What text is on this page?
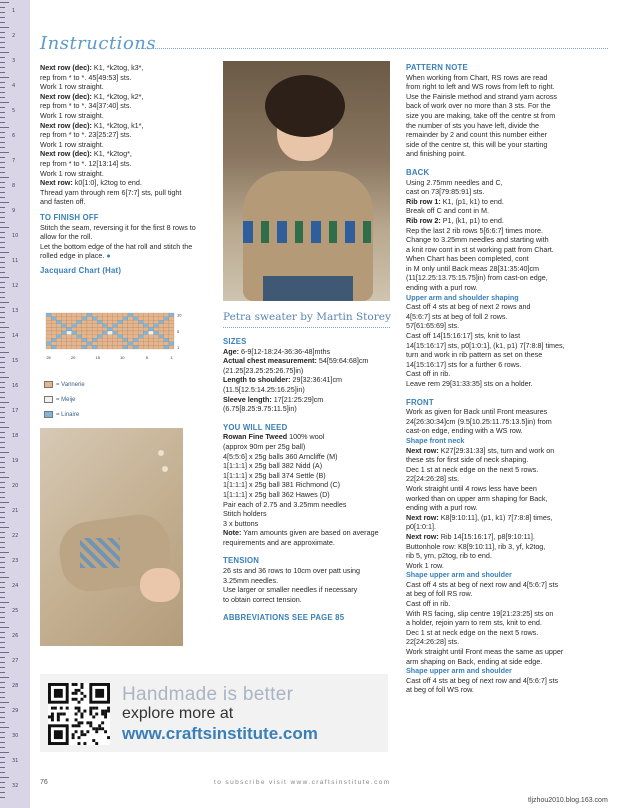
1
2
3
4
5
6
7
8
9
10
11
12
13
14
15
16
17
18
19
20
21
22
23
24
25
26
27
28
29
30
31
32
Instructions

Next row (dec): K1, *k2tog, k3*,

rep from * to *. 45[49:53] sts.

Work 1 row straight.

Next row (dec): K1, *k2tog, k2*,

rep from * to *. 34[37:40] sts.

Work 1 row straight.

Next row (dec): K1, *k2tog, k1*,

rep from * to *. 23[25:27] sts.

Work 1 row straight.

Next row (dec): K1, *k2tog*,

rep from * to *. 12[13:14] sts.

Work 1 row straight.

Next row: k0[1:0], k2tog to end.

Thread yarn through rem 6[7:7] sts, pull tight

and fasten off.

TO FINISH OFF

Stitch the seam, reversing it for the first 8 rows to

allow for the roll.

Let the bottom edge of the hat roll and stitch the

rolled edge in place. ●

Jacquard Chart (Hat)

25	20	15	10	5	1
10
5
1
= Vannerie
= Meije
= Linaire
Petra sweater by Martin Storey

SIZES

Age: 6-9[12-18:24-36:36-48]mths

Actual chest measurement: 54[59:64:68]cm

(21.25[23.25:25:26.75]in)

Length to shoulder: 29[32:36:41]cm

(11.5[12.5:14.25:16.25]in)

Sleeve length: 17[21:25:29]cm

(6.75[8.25:9.75:11.5]in)

YOU WILL NEED

Rowan Fine Tweed 100% wool

(approx 90m per 25g ball)

4[5:5:6] x 25g balls 360 Arncliffe (M)

1[1:1:1] x 25g ball 382 Nidd (A)

1[1:1:1] x 25g ball 374 Settle (B)

1[1:1:1] x 25g ball 381 Richmond (C)

1[1:1:1] x 25g ball 362 Hawes (D)

Pair each of 2.75 and 3.25mm needles

Stitch holders

3 x buttons

Note: Yarn amounts given are based on average

requirements and are approximate.

TENSION

26 sts and 36 rows to 10cm over patt using

3.25mm needles.

Use larger or smaller needles if necessary

to obtain correct tension.

ABBREVIATIONS SEE PAGE 85

PATTERN NOTE

When working from Chart, RS rows are read

from right to left and WS rows from left to right.

Use the Fairisle method and strand yarn across

back of work over no more than 3 sts. For the

size you are making, take off the centre st from

the number of sts you have left, divide the

remainder by 2 and count this number either

side of the centre st, this will be your starting

and finishing point.

BACK

Using 2.75mm needles and C,

cast on 73[79:85:91] sts.

Rib row 1: K1, (p1, k1) to end.

Break off C and cont in M.

Rib row 2: P1, (k1, p1) to end.

Rep the last 2 rib rows 5[6:6:7] times more.

Change to 3.25mm needles and starting with

a knit row cont in st st working patt from Chart.

When Chart has been completed, cont

in M only until Back meas 28[31:35:40]cm

(11[12.25:13.75:15.75]in) from cast-on edge,

ending with a purl row.

Upper arm and shoulder shaping

Cast off 4 sts at beg of next 2 rows and

4[5:6:7] sts at beg of foll 2 rows.

57[61:65:69] sts.

Cast off 14[15:16:17] sts, knit to last

14[15:16:17] sts, p0[1:0:1], (k1, p1) 7[7:8:8] times,

turn and work in rib pattern as set on these

14[15:16:17] sts for a further 6 rows.

Cast off in rib.

Leave rem 29[31:33:35] sts on a holder.

FRONT

Work as given for Back until Front measures

24[26:30:34]cm (9.5[10.25:11.75:13.5]in) from

cast-on edge, ending with a WS row.

Shape front neck

Next row: K27[29:31:33] sts, turn and work on

these sts for first side of neck shaping.

Dec 1 st at neck edge on the next 5 rows.

22[24:26:28] sts.

Work straight until 4 rows less have been

worked than on upper arm shaping for Back,

ending with a purl row.

Next row: K8[9:10:11], (p1, k1) 7[7:8:8] times,

p0[1:0:1].

Next row: Rib 14[15:16:17], p8[9:10:11].

Buttonhole row: K8[9:10:11], rib 3, yf, k2tog,

rib 5, yrn, p2tog, rib to end.

Work 1 row.

Shape upper arm and shoulder

Cast off 4 sts at beg of next row and 4[5:6:7] sts

at beg of foll RS row.

Cast off in rib.

With RS facing, slip centre 19[21:23:25] sts on

a holder, rejoin yarn to rem sts, knit to end.

Dec 1 st at neck edge on the next 5 rows.

22[24:26:28] sts.

Work straight until Front meas the same as upper

arm shaping on Back, ending at side edge.

Shape upper arm and shoulder

Cast off 4 sts at beg of next row and 4[5:6:7] sts

at beg of foll WS row.

Handmade is better
explore more at
www.craftsinstitute.com
76	to subscribe visit www.craftsinstitute.com
tljzhou2010.blog.163.com
